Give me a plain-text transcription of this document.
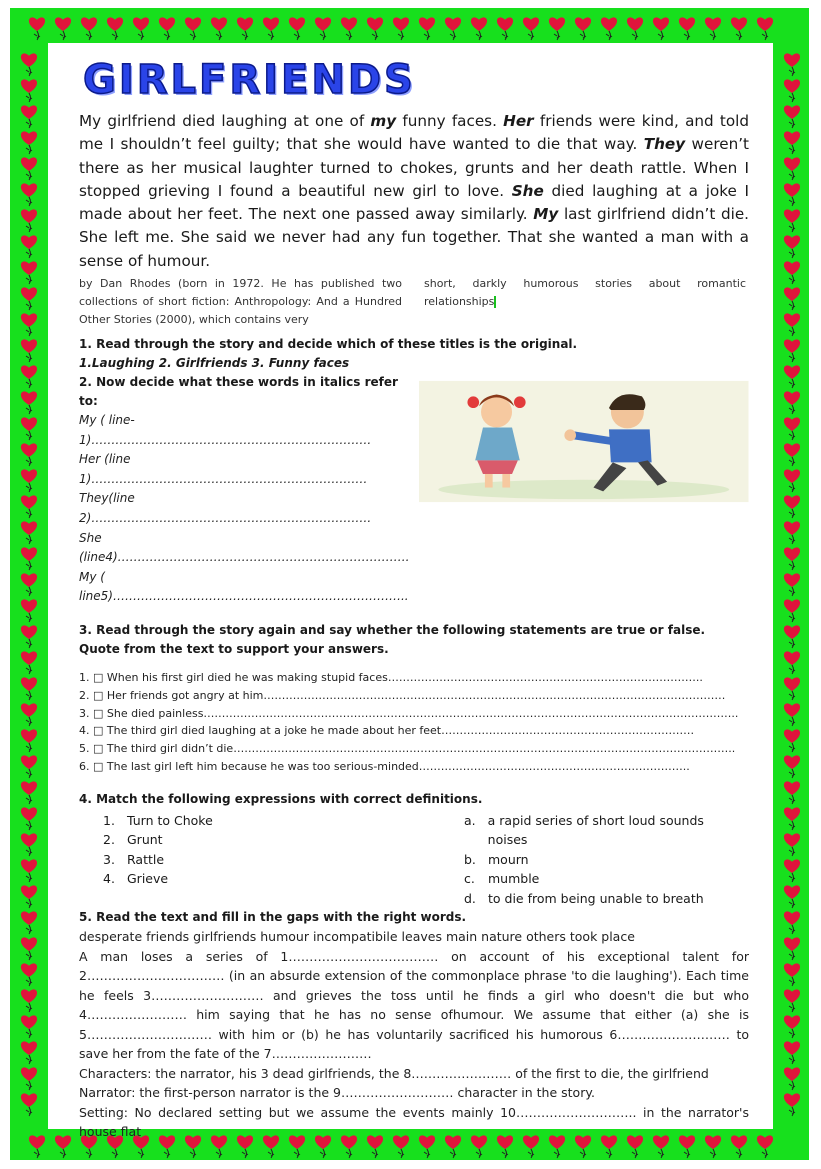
GIRLFRIENDS

My girlfriend died laughing at one of my funny faces. Her friends were kind, and told me I shouldn’t feel guilty; that she would have wanted to die that way. They weren’t there as her musical laughter turned to chokes, grunts and her death rattle. When I stopped grieving I found a beautiful new girl to love. She died laughing at a joke I made about her feet. The next one passed away similarly. My last girlfriend didn’t die. She left me. She said we never had any fun together. That she wanted a man with a sense of humour.

by Dan Rhodes (born in 1972. He has published two collections of short fiction: Anthropology: And a Hundred Other Stories (2000), which contains very
short, darkly humorous stories about romantic relationships

1. Read through the story and decide which of these titles is the original.

1.Laughing 2. Girlfriends 3. Funny faces

2. Now decide what these words in italics refer

to:

My ( line-1)…………………………………………………………….
Her (line 1)……………………………………………………………
They(line 2)…………………………………………………………….
She (line4)……………………………………………………………….
My ( line5)………………………………………………………………..

3. Read through the story again and say whether the following statements are true or false. Quote from the text to support your answers.

1. □ When his first girl died he was making stupid faces…………………………………………………………………………..
2. □ Her friends got angry at him………………………………………………………………………………………………………………
3. □ She died painless………………………………………………………………………………………………………………………………..
4. □ The third girl died laughing at a joke he made about her feet……………………………………………………………
5. □ The third girl didn’t die………………………………………………………………………………………………………………………..
6. □ The last girl left him because he was too serious-minded………………………………………………………………..

4. Match the following expressions with correct definitions.

1. Turn to Choke
2. Grunt
3. Rattle
4. Grieve
a. a rapid series of short loud sounds noises
b. mourn
c.	mumble
d. to die from being unable to breath

5. Read the text and fill in the gaps with the right words.

desperate friends girlfriends humour incompatibile leaves main nature others took place

A man loses a series of 1……………………………… on account of his exceptional talent for 2…………………………… (in an absurde extension of the commonplace phrase 'to die laughing'). Each time he feels 3……………………… and grieves the toss until he finds a girl who doesn't die but who 4…………………… him saying that he has no sense ofhumour. We assume that either (a) she is 5………………………… with him or (b) he has voluntarily sacrificed his humorous 6……………………… to save her from the fate of the 7……………………

Characters: the narrator, his 3 dead girlfriends, the 8…………………… of the first to die, the girlfriend

Narrator: the first-person narrator is the 9……………………… character in the story.

Setting: No declared setting but we assume the events mainly 10……………………….. in the narrator's house flat
